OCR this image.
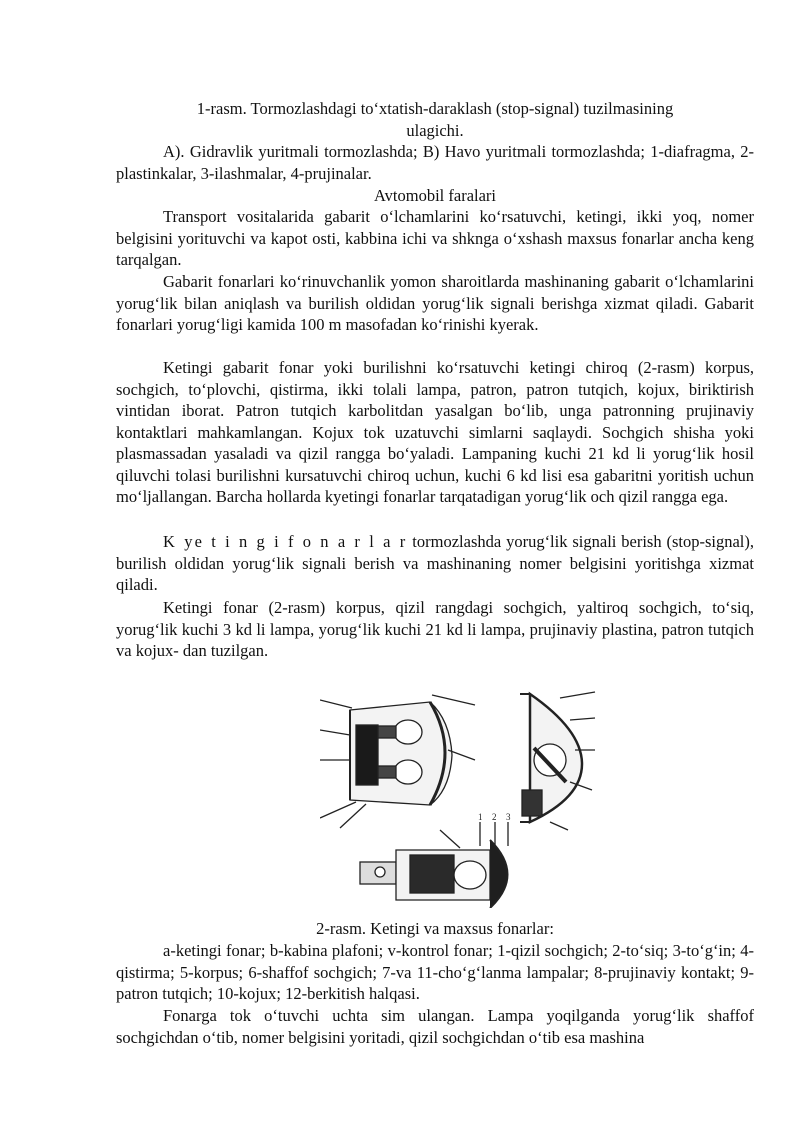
1-rasm. Tormozlashdagi to‘xtatish-daraklash (stop-signal) tuzilmasining
ulagichi.

A). Gidravlik yuritmali tormozlashda; B) Havo yuritmali tormozlashda; 1-diafragma, 2-plastinkalar, 3-ilashmalar, 4-prujinalar.

Avtomobil faralari

Transport vositalarida gabarit o‘lchamlarini ko‘rsatuvchi, ketingi, ikki yoq, nomer belgisini yorituvchi va kapot osti, kabbina ichi va shkngа o‘xshash maxsus fonarlar ancha keng tarqalgan.

Gabarit fonarlari ko‘rinuvchanlik yomon sharoitlarda mashinaning gabarit o‘lchamlarini yorug‘lik bilan aniqlash va burilish oldidan yorug‘lik signali berishga xizmat qiladi. Gabarit fonarlari yorug‘ligi kamida 100 m masofadan ko‘rinishi kyerak.

Ketingi gabarit fonar yoki burilishni ko‘rsatuvchi ketingi chiroq (2-rasm) korpus, sochgich, to‘plovchi, qistirma, ikki tolali lampa, patron, patron tutqich, kojux, biriktirish vintidan iborat. Patron tutqich karbolitdan yasalgan bo‘lib, unga patronning prujinaviy kontaktlari mahkamlangan. Kojux tok uzatuvchi simlarni saqlaydi. Sochgich shisha yoki plasmassadan yasaladi va qizil rangga bo‘yaladi. Lampaning kuchi 21 kd li yorug‘lik hosil qiluvchi tolasi burilishni kursatuvchi chiroq uchun, kuchi 6 kd lisi esa gabaritni yoritish uchun mo‘ljallangan. Barcha hollarda kyetingi fonarlar tarqatadigan yorug‘lik och qizil rangga ega.

K ye t i n g i f o n a r l a r tormozlashda yorug‘lik signali berish (stop-signal), burilish oldidan yorug‘lik signali berish va mashinaning nomer belgisini yoritishga xizmat qiladi.

Ketingi fonar (2-rasm) korpus, qizil rangdagi sochgich, yaltiroq sochgich, to‘siq, yorug‘lik kuchi 3 kd li lampa, yorug‘lik kuchi 21 kd li lampa, prujinaviy plastina, patron tutqich va kojux- dan tuzilgan.

1 2 3
2-rasm. Ketingi va maxsus fonarlar:

a-ketingi fonar; b-kabina plafoni; v-kontrol fonar; 1-qizil sochgich; 2-to‘siq; 3-to‘g‘in; 4-qistirma; 5-korpus; 6-shaffof sochgich; 7-va 11-cho‘g‘lanma lampalar; 8-prujinaviy kontakt; 9-patron tutqich; 10-kojux; 12-berkitish halqasi.

Fonarga tok o‘tuvchi uchta sim ulangan. Lampa yoqilganda yorug‘lik shaffof sochgichdan o‘tib, nomer belgisini yoritadi, qizil sochgichdan o‘tib esa mashina
